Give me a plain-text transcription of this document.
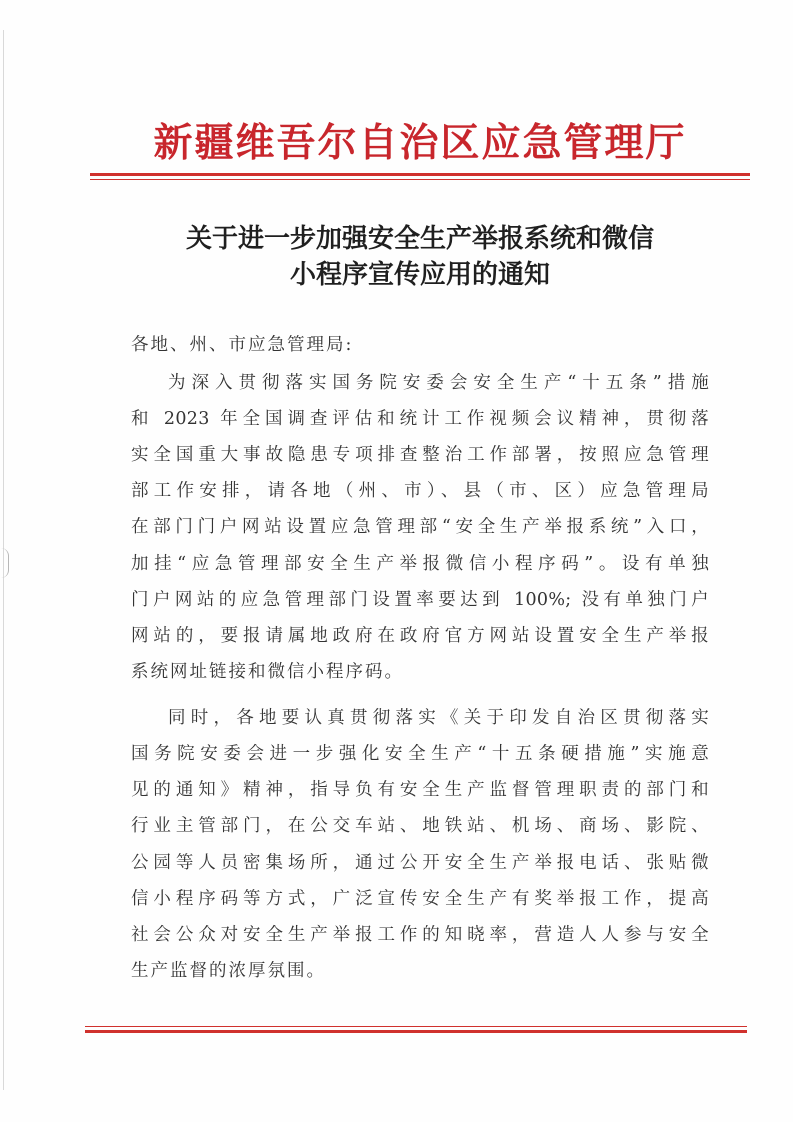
新疆维吾尔自治区应急管理厅
关于进一步加强安全生产举报系统和微信
小程序宣传应用的通知
各地、州、市应急管理局:
为深入贯彻落实国务院安委会安全生产“十五条”措施
和 2023 年全国调查评估和统计工作视频会议精神，贯彻落
实全国重大事故隐患专项排查整治工作部署，按照应急管理
部工作安排，请各地（州、市）、县（市、区）应急管理局
在部门门户网站设置应急管理部“安全生产举报系统”入口，
加挂“应急管理部安全生产举报微信小程序码”。设有单独
门户网站的应急管理部门设置率要达到 100%; 没有单独门户
网站的，要报请属地政府在政府官方网站设置安全生产举报
系统网址链接和微信小程序码。
同时，各地要认真贯彻落实《关于印发自治区贯彻落实
国务院安委会进一步强化安全生产“十五条硬措施”实施意
见的通知》精神，指导负有安全生产监督管理职责的部门和
行业主管部门，在公交车站、地铁站、机场、商场、影院、
公园等人员密集场所，通过公开安全生产举报电话、张贴微
信小程序码等方式，广泛宣传安全生产有奖举报工作，提高
社会公众对安全生产举报工作的知晓率，营造人人参与安全
生产监督的浓厚氛围。
